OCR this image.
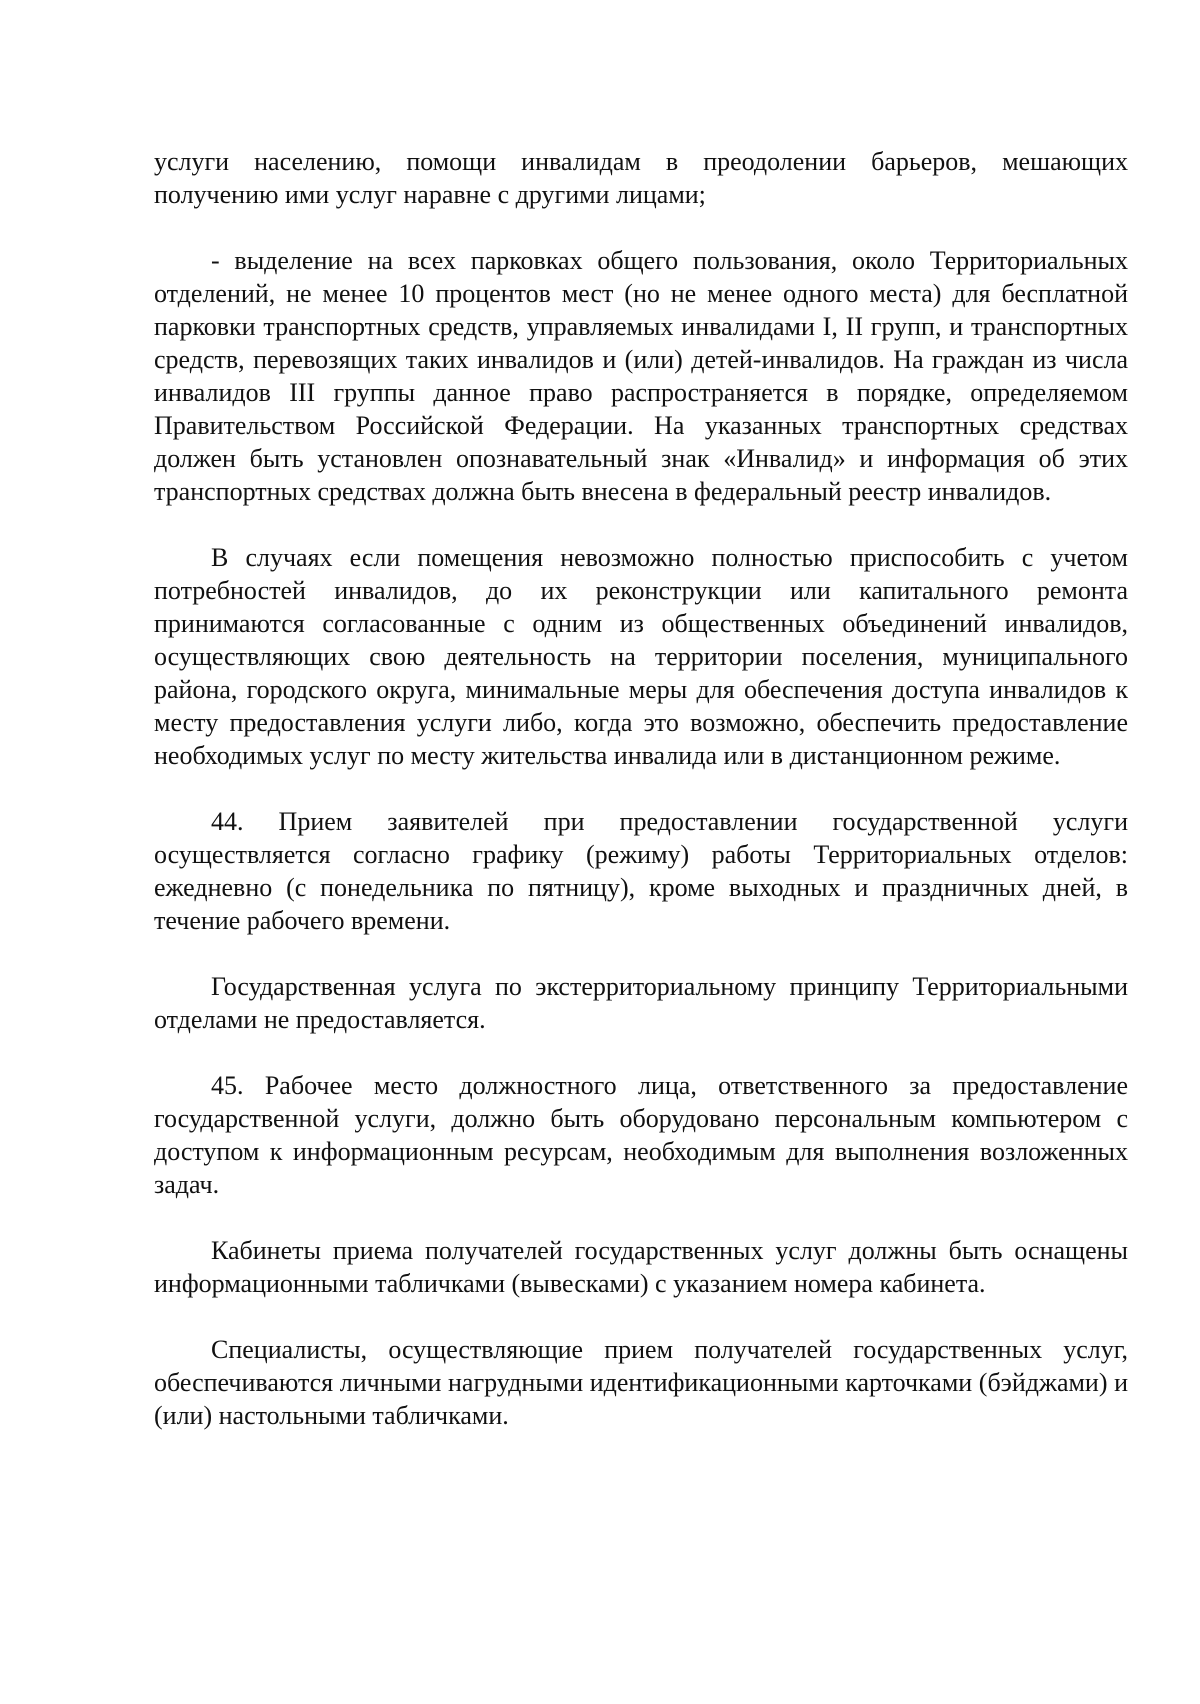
услуги населению, помощи инвалидам в преодолении барьеров, мешающих получению ими услуг наравне с другими лицами;

- выделение на всех парковках общего пользования, около Территориальных отделений, не менее 10 процентов мест (но не менее одного места) для бесплатной парковки транспортных средств, управляемых инвалидами I, II групп, и транспортных средств, перевозящих таких инвалидов и (или) детей-инвалидов. На граждан из числа инвалидов III группы данное право распространяется в порядке, определяемом Правительством Российской Федерации. На указанных транспортных средствах должен быть установлен опознавательный знак «Инвалид» и информация об этих транспортных средствах должна быть внесена в федеральный реестр инвалидов.

В случаях если помещения невозможно полностью приспособить с учетом потребностей инвалидов, до их реконструкции или капитального ремонта принимаются согласованные с одним из общественных объединений инвалидов, осуществляющих свою деятельность на территории поселения, муниципального района, городского округа, минимальные меры для обеспечения доступа инвалидов к месту предоставления услуги либо, когда это возможно, обеспечить предоставление необходимых услуг по месту жительства инвалида или в дистанционном режиме.

44. Прием заявителей при предоставлении государственной услуги осуществляется согласно графику (режиму) работы Территориальных отделов: ежедневно (с понедельника по пятницу), кроме выходных и праздничных дней, в течение рабочего времени.

Государственная услуга по экстерриториальному принципу Территориальными отделами не предоставляется.

45. Рабочее место должностного лица, ответственного за предоставление государственной услуги, должно быть оборудовано персональным компьютером с доступом к информационным ресурсам, необходимым для выполнения возложенных задач.

Кабинеты приема получателей государственных услуг должны быть оснащены информационными табличками (вывесками) с указанием номера кабинета.

Специалисты, осуществляющие прием получателей государственных услуг, обеспечиваются личными нагрудными идентификационными карточками (бэйджами) и (или) настольными табличками.
